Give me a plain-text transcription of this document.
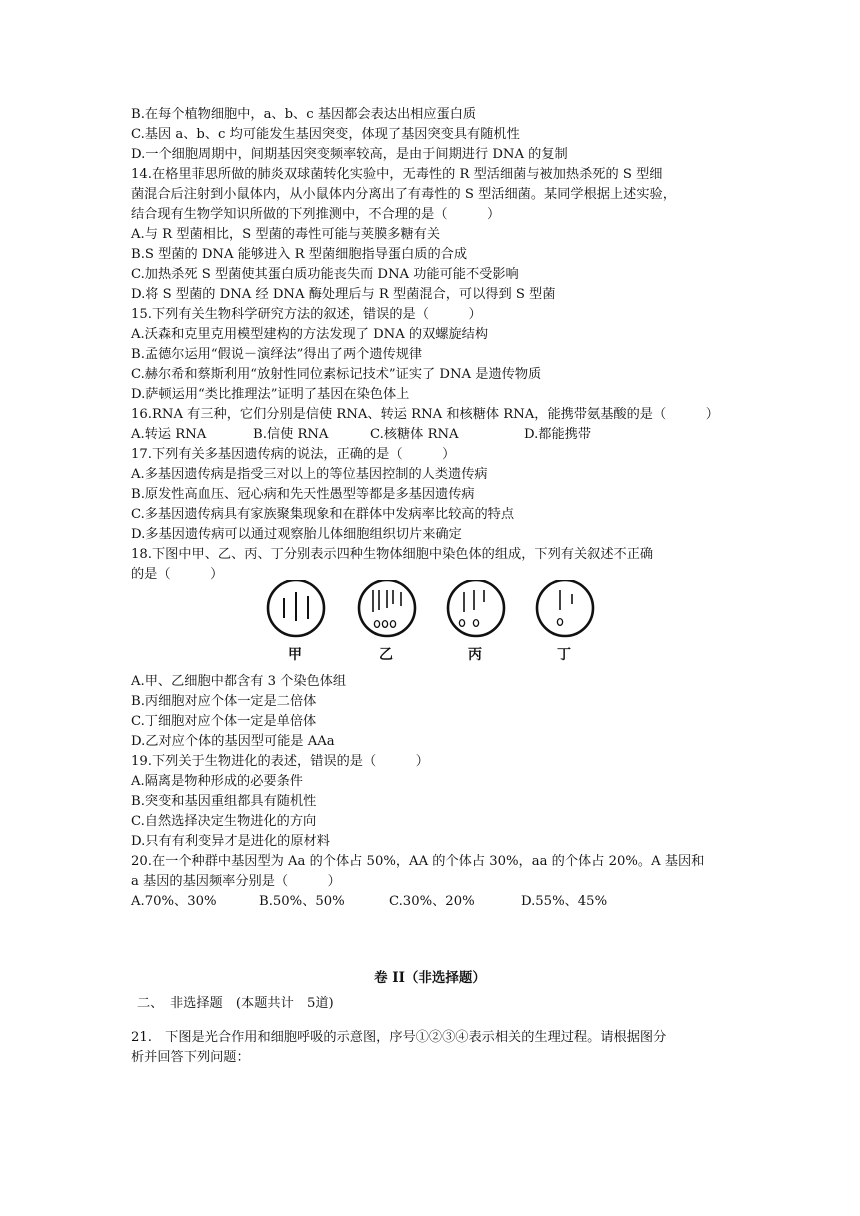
B.在每个植物细胞中，a、b、c 基因都会表达出相应蛋白质
C.基因 a、b、c 均可能发生基因突变，体现了基因突变具有随机性
D.一个细胞周期中，间期基因突变频率较高，是由于间期进行 DNA 的复制
14.在格里菲思所做的肺炎双球菌转化实验中，无毒性的 R 型活细菌与被加热杀死的 S 型细
菌混合后注射到小鼠体内，从小鼠体内分离出了有毒性的 S 型活细菌。某同学根据上述实验，
结合现有生物学知识所做的下列推测中，不合理的是（　　　）
A.与 R 型菌相比，S 型菌的毒性可能与荚膜多糖有关
B.S 型菌的 DNA 能够进入 R 型菌细胞指导蛋白质的合成
C.加热杀死 S 型菌使其蛋白质功能丧失而 DNA 功能可能不受影响
D.将 S 型菌的 DNA 经 DNA 酶处理后与 R 型菌混合，可以得到 S 型菌
15.下列有关生物科学研究方法的叙述，错误的是（　　　）
A.沃森和克里克用模型建构的方法发现了 DNA 的双螺旋结构
B.孟德尔运用“假说－演绎法”得出了两个遗传规律
C.赫尔希和蔡斯利用“放射性同位素标记技术”证实了 DNA 是遗传物质
D.萨顿运用“类比推理法”证明了基因在染色体上
16.RNA 有三种，它们分别是信使 RNA、转运 RNA 和核糖体 RNA，能携带氨基酸的是（　　　）
A.转运 RNA	B.信使 RNA	C.核糖体 RNA	D.都能携带
17.下列有关多基因遗传病的说法，正确的是（　　　）
A.多基因遗传病是指受三对以上的等位基因控制的人类遗传病
B.原发性高血压、冠心病和先天性愚型等都是多基因遗传病
C.多基因遗传病具有家族聚集现象和在群体中发病率比较高的特点
D.多基因遗传病可以通过观察胎儿体细胞组织切片来确定
18.下图中甲、乙、丙、丁分别表示四种生物体细胞中染色体的组成，下列有关叙述不正确
的是（　　　）
甲	乙	丙	丁
A.甲、乙细胞中都含有 3 个染色体组
B.丙细胞对应个体一定是二倍体
C.丁细胞对应个体一定是单倍体
D.乙对应个体的基因型可能是 AAa
19.下列关于生物进化的表述，错误的是（　　　）
A.隔离是物种形成的必要条件
B.突变和基因重组都具有随机性
C.自然选择决定生物进化的方向
D.只有有利变异才是进化的原材料
20.在一个种群中基因型为 Aa 的个体占 50%，AA 的个体占 30%，aa 的个体占 20%。A 基因和
a 基因的基因频率分别是（　　　）
A.70%、30%	B.50%、50%	C.30%、20%	D.55%、45%
卷 II（非选择题）
二、　非选择题　(本题共计　5道)
21.　下图是光合作用和细胞呼吸的示意图，序号①②③④表示相关的生理过程。请根据图分
析并回答下列问题：
